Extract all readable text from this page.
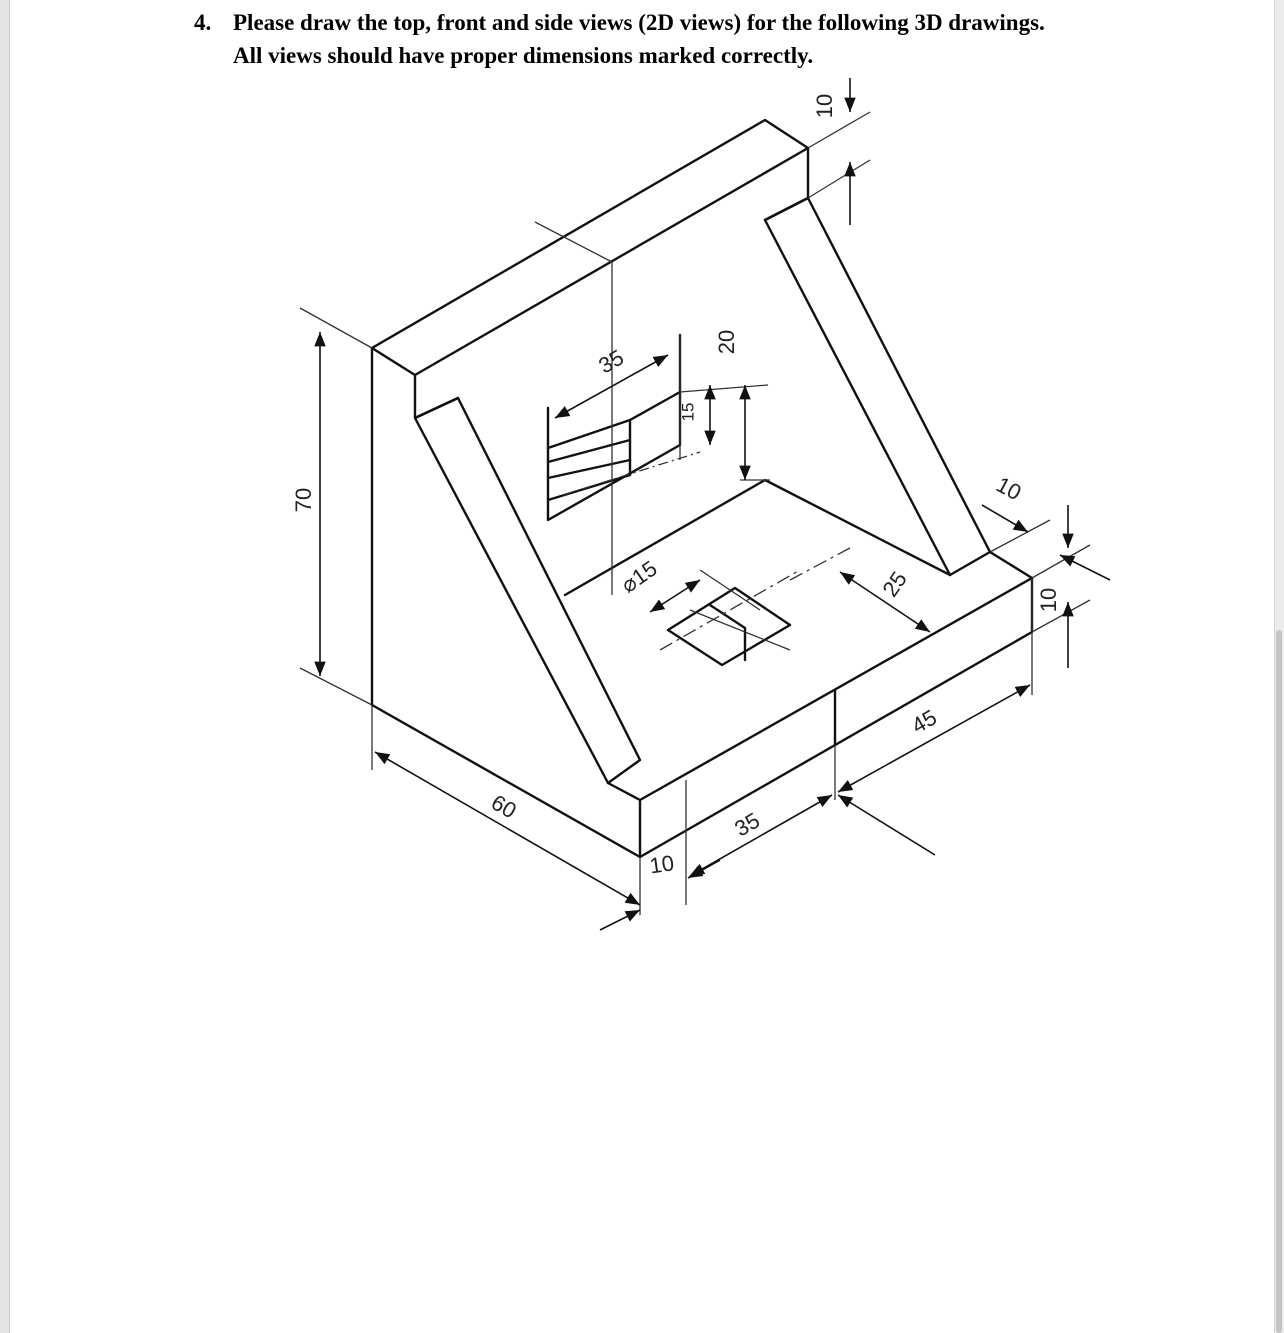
4. Please draw the top, front and side views (2D views) for the following 3D drawings.
All views should have proper dimensions marked correctly.
70
60
10
10
10
10
35
35
45
25
⌀15
20
15
